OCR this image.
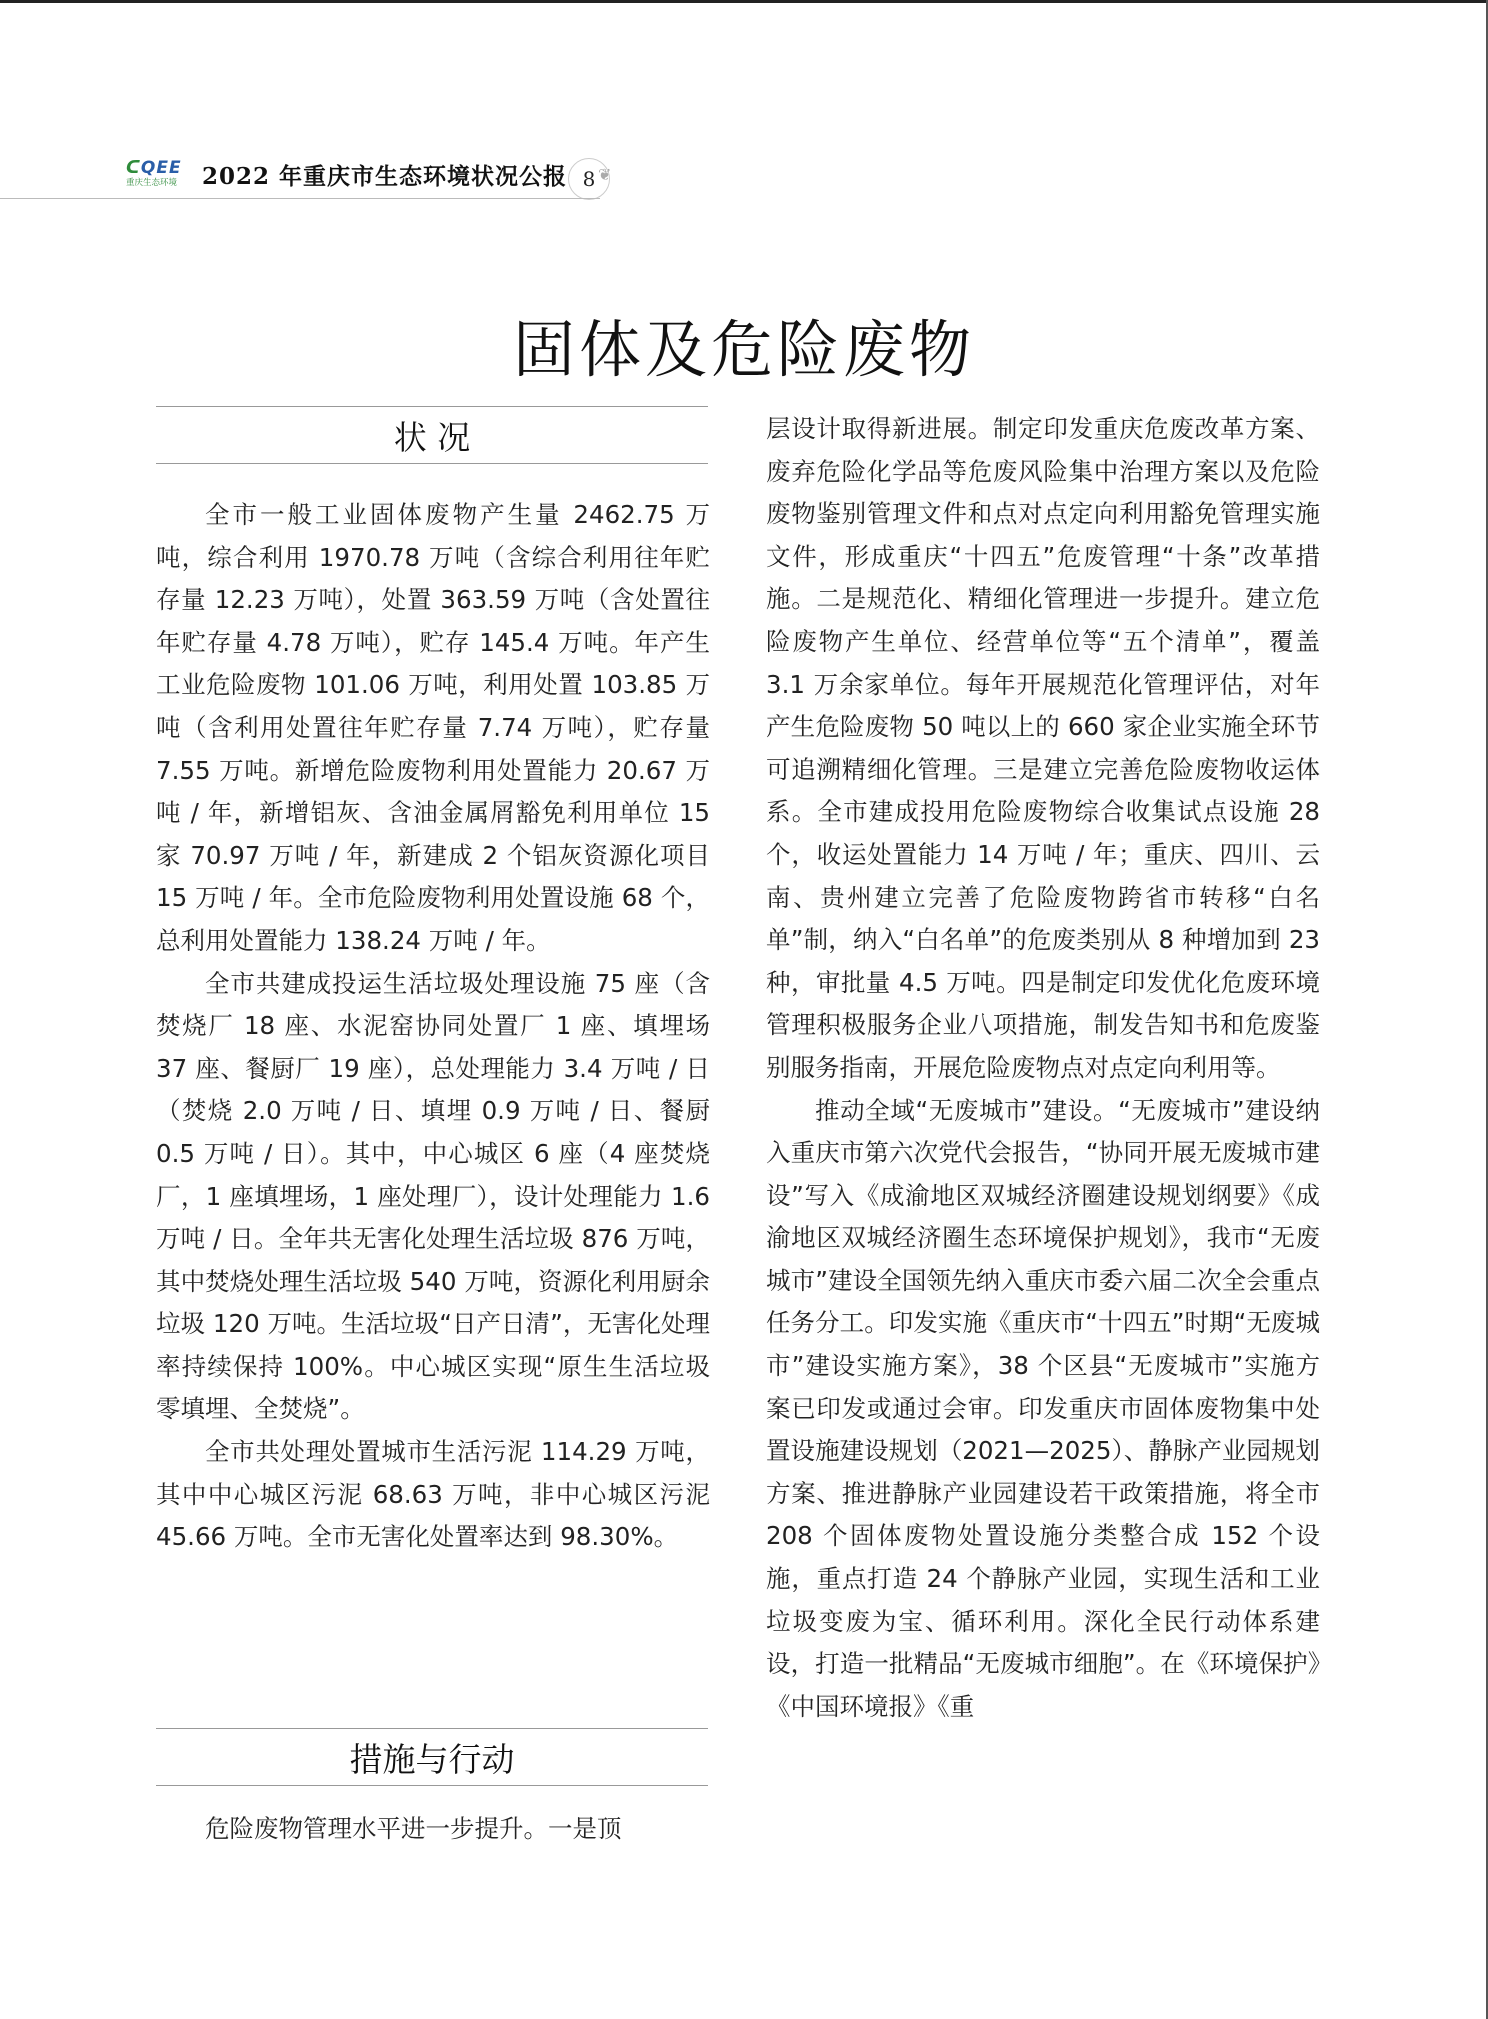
ᑕQEE
重庆生态环境	2022 年重庆市生态环境状况公报 8 ❦
固体及危险废物
状 况

全市一般工业固体废物产生量 2462.75 万吨，综合利用 1970.78 万吨（含综合利用往年贮存量 12.23 万吨），处置 363.59 万吨（含处置往年贮存量 4.78 万吨），贮存 145.4 万吨。年产生工业危险废物 101.06 万吨，利用处置 103.85 万吨（含利用处置往年贮存量 7.74 万吨），贮存量 7.55 万吨。新增危险废物利用处置能力 20.67 万吨 / 年，新增铝灰、含油金属屑豁免利用单位 15 家 70.97 万吨 / 年，新建成 2 个铝灰资源化项目 15 万吨 / 年。全市危险废物利用处置设施 68 个，总利用处置能力 138.24 万吨 / 年。

全市共建成投运生活垃圾处理设施 75 座（含焚烧厂 18 座、水泥窑协同处置厂 1 座、填埋场 37 座、餐厨厂 19 座），总处理能力 3.4 万吨 / 日（焚烧 2.0 万吨 / 日、填埋 0.9 万吨 / 日、餐厨 0.5 万吨 / 日）。其中，中心城区 6 座（4 座焚烧厂，1 座填埋场，1 座处理厂），设计处理能力 1.6 万吨 / 日。全年共无害化处理生活垃圾 876 万吨，其中焚烧处理生活垃圾 540 万吨，资源化利用厨余垃圾 120 万吨。生活垃圾“日产日清”，无害化处理率持续保持 100%。中心城区实现“原生生活垃圾零填埋、全焚烧”。

全市共处理处置城市生活污泥 114.29 万吨，其中中心城区污泥 68.63 万吨，非中心城区污泥 45.66 万吨。全市无害化处置率达到 98.30%。

措施与行动

危险废物管理水平进一步提升。一是顶

层设计取得新进展。制定印发重庆危废改革方案、废弃危险化学品等危废风险集中治理方案以及危险废物鉴别管理文件和点对点定向利用豁免管理实施文件，形成重庆“十四五”危废管理“十条”改革措施。二是规范化、精细化管理进一步提升。建立危险废物产生单位、经营单位等“五个清单”，覆盖 3.1 万余家单位。每年开展规范化管理评估，对年产生危险废物 50 吨以上的 660 家企业实施全环节可追溯精细化管理。三是建立完善危险废物收运体系。全市建成投用危险废物综合收集试点设施 28 个，收运处置能力 14 万吨 / 年；重庆、四川、云南、贵州建立完善了危险废物跨省市转移“白名单”制，纳入“白名单”的危废类别从 8 种增加到 23 种，审批量 4.5 万吨。四是制定印发优化危废环境管理积极服务企业八项措施，制发告知书和危废鉴别服务指南，开展危险废物点对点定向利用等。

推动全域“无废城市”建设。“无废城市”建设纳入重庆市第六次党代会报告，“协同开展无废城市建设”写入《成渝地区双城经济圈建设规划纲要》《成渝地区双城经济圈生态环境保护规划》，我市“无废城市”建设全国领先纳入重庆市委六届二次全会重点任务分工。印发实施《重庆市“十四五”时期“无废城市”建设实施方案》，38 个区县“无废城市”实施方案已印发或通过会审。印发重庆市固体废物集中处置设施建设规划（2021—2025）、静脉产业园规划方案、推进静脉产业园建设若干政策措施，将全市 208 个固体废物处置设施分类整合成 152 个设施，重点打造 24 个静脉产业园，实现生活和工业垃圾变废为宝、循环利用。深化全民行动体系建设，打造一批精品“无废城市细胞”。在《环境保护》《中国环境报》《重
